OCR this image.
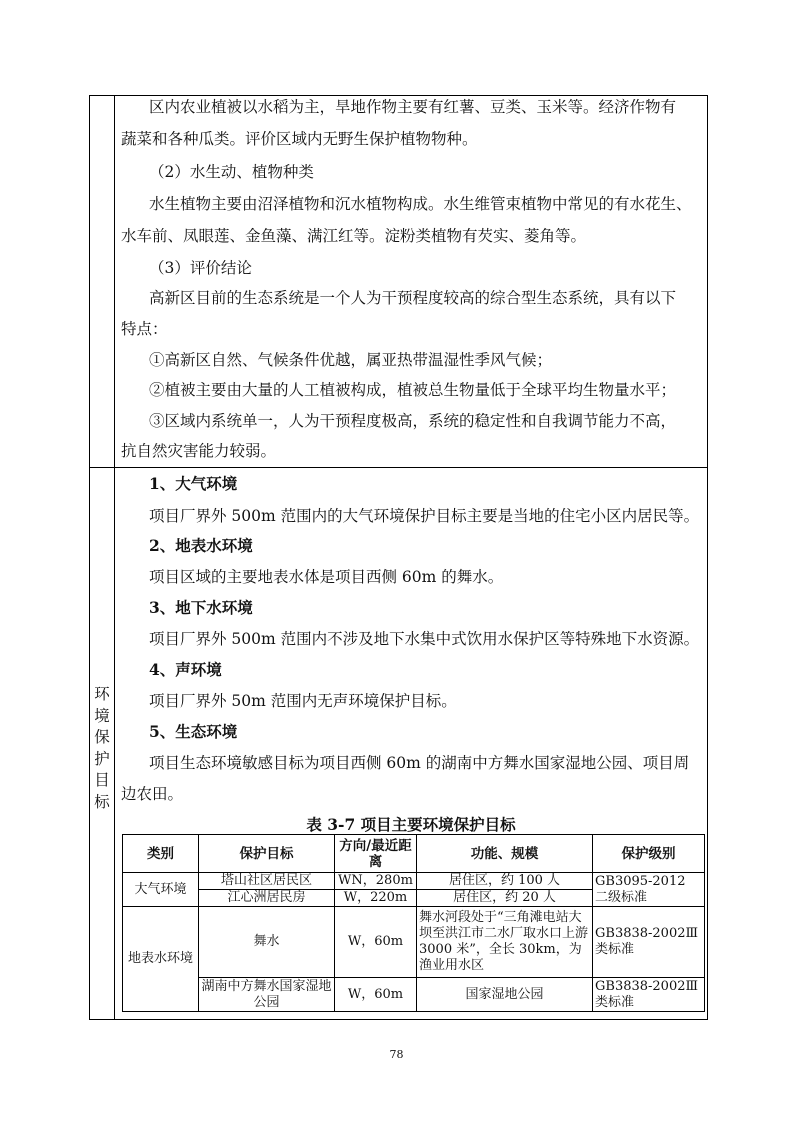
环
境
保
护
目
标
区内农业植被以水稻为主，旱地作物主要有红薯、豆类、玉米等。经济作物有
蔬菜和各种瓜类。评价区域内无野生保护植物物种。
（2）水生动、植物种类
水生植物主要由沼泽植物和沉水植物构成。水生维管束植物中常见的有水花生、
水车前、凤眼莲、金鱼藻、满江红等。淀粉类植物有芡实、菱角等。
（3）评价结论
高新区目前的生态系统是一个人为干预程度较高的综合型生态系统，具有以下
特点：
①高新区自然、气候条件优越，属亚热带温湿性季风气候；
②植被主要由大量的人工植被构成，植被总生物量低于全球平均生物量水平；
③区域内系统单一，人为干预程度极高，系统的稳定性和自我调节能力不高，
抗自然灾害能力较弱。
1、大气环境
项目厂界外 500m 范围内的大气环境保护目标主要是当地的住宅小区内居民等。
2、地表水环境
项目区域的主要地表水体是项目西侧 60m 的舞水。
3、地下水环境
项目厂界外 500m 范围内不涉及地下水集中式饮用水保护区等特殊地下水资源。
4、声环境
项目厂界外 50m 范围内无声环境保护目标。
5、生态环境
项目生态环境敏感目标为项目西侧 60m 的湖南中方舞水国家湿地公园、项目周
边农田。
表 3-7 项目主要环境保护目标
类别	保护目标	方向/最近距离	功能、规模	保护级别
大气环境	塔山社区居民区	WN，280m	居住区，约 100 人	GB3095-2012 二级标准
	江心洲居民房	W，220m	居住区，约 20 人	
地表水环境	舞水	W，60m	舞水河段处于“三角滩电站大坝至洪江市二水厂取水口上游 3000 米”，全长 30km，为渔业用水区	GB3838-2002Ⅲ类标准
	湖南中方舞水国家湿地公园	W，60m	国家湿地公园	GB3838-2002Ⅲ类标准
78
